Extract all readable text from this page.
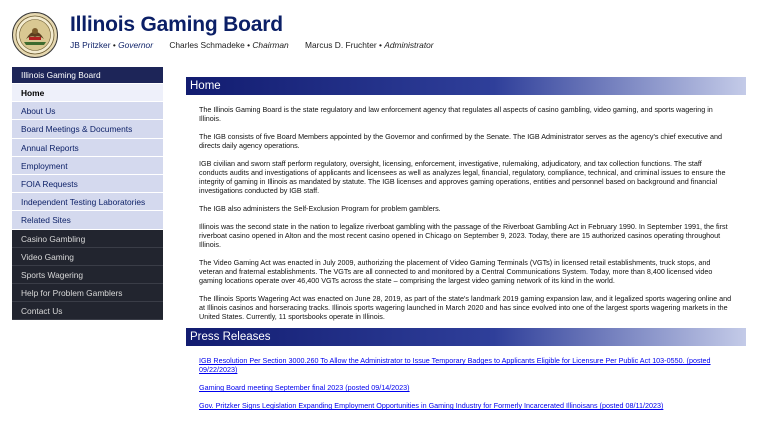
Illinois Gaming Board
JB Pritzker • Governor Charles Schmadeke • Chairman Marcus D. Fruchter • Administrator
Illinois Gaming Board
Home
About Us
Board Meetings & Documents
Annual Reports
Employment
FOIA Requests
Independent Testing Laboratories
Related Sites
Casino Gambling
Video Gaming
Sports Wagering
Help for Problem Gamblers
Contact Us
Home

The Illinois Gaming Board is the state regulatory and law enforcement agency that regulates all aspects of casino gambling, video gaming, and sports wagering in Illinois.

The IGB consists of five Board Members appointed by the Governor and confirmed by the Senate. The IGB Administrator serves as the agency's chief executive and directs daily agency operations.

IGB civilian and sworn staff perform regulatory, oversight, licensing, enforcement, investigative, rulemaking, adjudicatory, and tax collection functions. The staff conducts audits and investigations of applicants and licensees as well as analyzes legal, financial, regulatory, compliance, technical, and criminal issues to ensure the integrity of gaming in Illinois as mandated by statute. The IGB licenses and approves gaming operations, entities and personnel based on background and financial investigations conducted by IGB staff.

The IGB also administers the Self-Exclusion Program for problem gamblers.

Illinois was the second state in the nation to legalize riverboat gambling with the passage of the Riverboat Gambling Act in February 1990. In September 1991, the first riverboat casino opened in Alton and the most recent casino opened in Chicago on September 9, 2023. Today, there are 15 authorized casinos operating throughout Illinois.

The Video Gaming Act was enacted in July 2009, authorizing the placement of Video Gaming Terminals (VGTs) in licensed retail establishments, truck stops, and veteran and fraternal establishments. The VGTs are all connected to and monitored by a Central Communications System. Today, more than 8,400 licensed video gaming locations operate over 46,400 VGTs across the state – comprising the largest video gaming network of its kind in the world.

The Illinois Sports Wagering Act was enacted on June 28, 2019, as part of the state's landmark 2019 gaming expansion law, and it legalized sports wagering online and at Illinois casinos and horseracing tracks. Illinois sports wagering launched in March 2020 and has since evolved into one of the largest sports wagering markets in the United States. Currently, 11 sportsbooks operate in Illinois.

Press Releases
IGB Resolution Per Section 3000.260 To Allow the Administrator to Issue Temporary Badges to Applicants Eligible for Licensure Per Public Act 103-0550. (posted 09/22/2023)
Gaming Board meeting September final 2023 (posted 09/14/2023)
Gov. Pritzker Signs Legislation Expanding Employment Opportunities in Gaming Industry for Formerly Incarcerated Illinoisans (posted 08/11/2023)
